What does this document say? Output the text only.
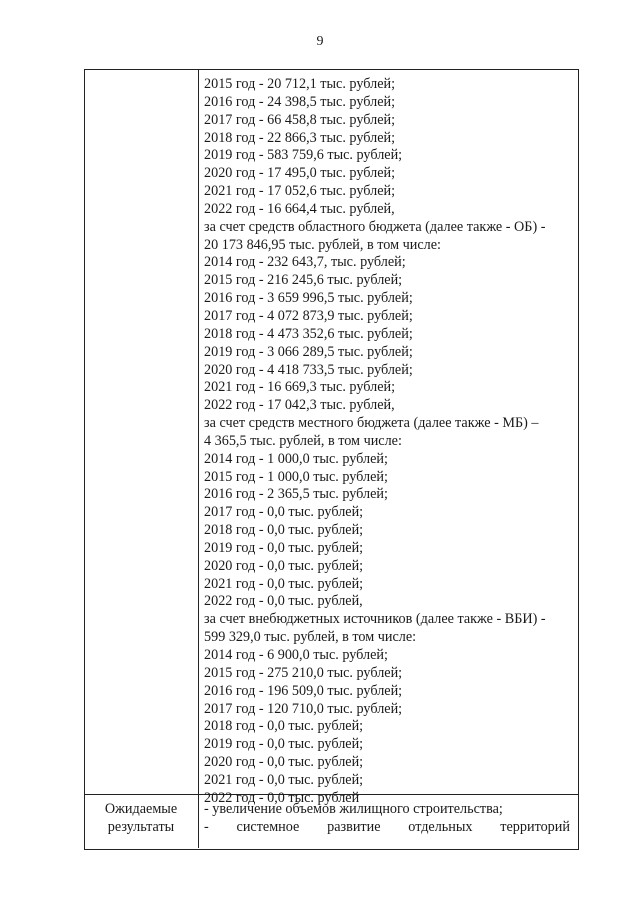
9
2015 год - 20 712,1 тыс. рублей;
2016 год - 24 398,5 тыс. рублей;
2017 год - 66 458,8 тыс. рублей;
2018 год - 22 866,3 тыс. рублей;
2019 год - 583 759,6 тыс. рублей;
2020 год - 17 495,0 тыс. рублей;
2021 год - 17 052,6 тыс. рублей;
2022 год - 16 664,4 тыс. рублей,
за счет средств областного бюджета (далее также - ОБ) -
20 173 846,95 тыс. рублей, в том числе:
2014 год - 232 643,7, тыс. рублей;
2015 год - 216 245,6 тыс. рублей;
2016 год - 3 659 996,5 тыс. рублей;
2017 год - 4 072 873,9 тыс. рублей;
2018 год - 4 473 352,6 тыс. рублей;
2019 год - 3 066 289,5 тыс. рублей;
2020 год - 4 418 733,5 тыс. рублей;
2021 год - 16 669,3 тыс. рублей;
2022 год - 17 042,3 тыс. рублей,
за счет средств местного бюджета (далее также - МБ) –
4 365,5 тыс. рублей, в том числе:
2014 год - 1 000,0 тыс. рублей;
2015 год - 1 000,0 тыс. рублей;
2016 год - 2 365,5 тыс. рублей;
2017 год - 0,0 тыс. рублей;
2018 год - 0,0 тыс. рублей;
2019 год - 0,0 тыс. рублей;
2020 год - 0,0 тыс. рублей;
2021 год - 0,0 тыс. рублей;
2022 год - 0,0 тыс. рублей,
за счет внебюджетных источников (далее также - ВБИ) -
599 329,0 тыс. рублей, в том числе:
2014 год - 6 900,0 тыс. рублей;
2015 год - 275 210,0 тыс. рублей;
2016 год - 196 509,0 тыс. рублей;
2017 год - 120 710,0 тыс. рублей;
2018 год - 0,0 тыс. рублей;
2019 год - 0,0 тыс. рублей;
2020 год - 0,0 тыс. рублей;
2021 год - 0,0 тыс. рублей;
2022 год - 0,0 тыс. рублей
Ожидаемые
результаты
- увеличение объемов жилищного строительства;
- системное развитие отдельных территорий
